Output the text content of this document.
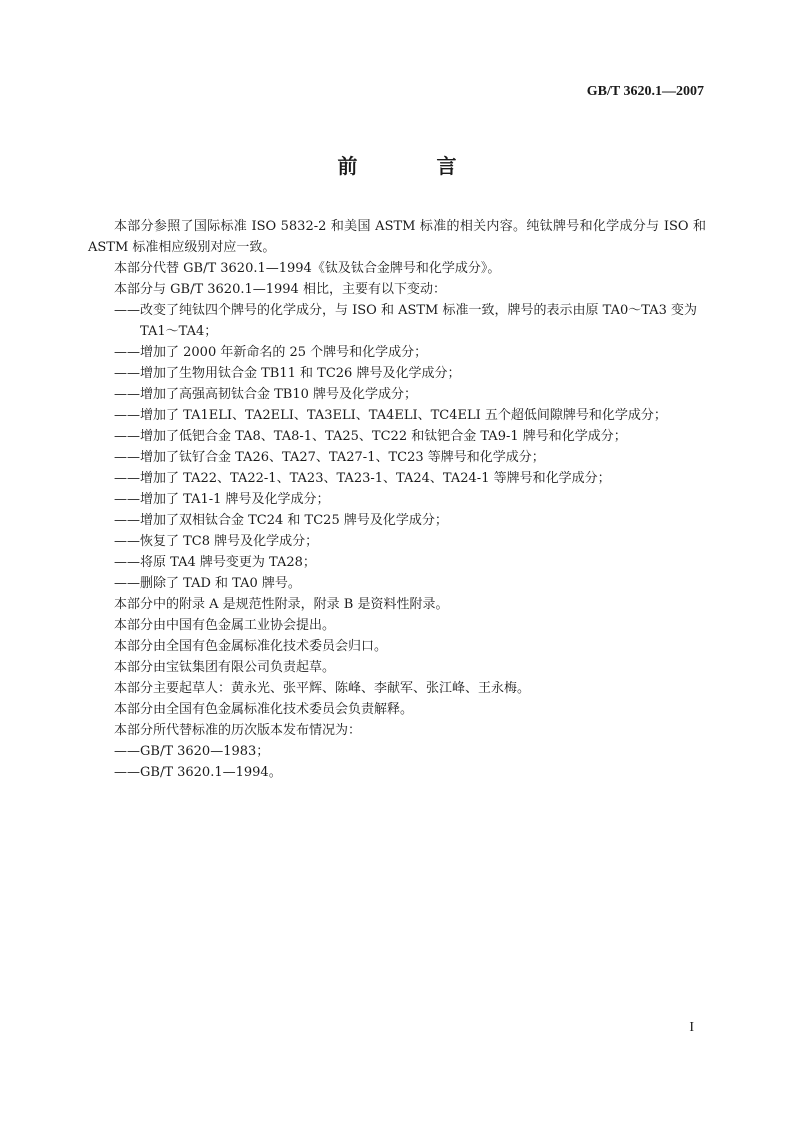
GB/T 3620.1—2007
前 言
本部分参照了国际标准 ISO 5832-2 和美国 ASTM 标准的相关内容。纯钛牌号和化学成分与 ISO 和 ASTM 标准相应级别对应一致。
本部分代替 GB/T 3620.1—1994《钛及钛合金牌号和化学成分》。
本部分与 GB/T 3620.1—1994 相比，主要有以下变动：
——改变了纯钛四个牌号的化学成分，与 ISO 和 ASTM 标准一致，牌号的表示由原 TA0～TA3 变为 TA1～TA4；
——增加了 2000 年新命名的 25 个牌号和化学成分；
——增加了生物用钛合金 TB11 和 TC26 牌号及化学成分；
——增加了高强高韧钛合金 TB10 牌号及化学成分；
——增加了 TA1ELI、TA2ELI、TA3ELI、TA4ELI、TC4ELI 五个超低间隙牌号和化学成分；
——增加了低钯合金 TA8、TA8-1、TA25、TC22 和钛钯合金 TA9-1 牌号和化学成分；
——增加了钛钌合金 TA26、TA27、TA27-1、TC23 等牌号和化学成分；
——增加了 TA22、TA22-1、TA23、TA23-1、TA24、TA24-1 等牌号和化学成分；
——增加了 TA1-1 牌号及化学成分；
——增加了双相钛合金 TC24 和 TC25 牌号及化学成分；
——恢复了 TC8 牌号及化学成分；
——将原 TA4 牌号变更为 TA28；
——删除了 TAD 和 TA0 牌号。
本部分中的附录 A 是规范性附录，附录 B 是资料性附录。
本部分由中国有色金属工业协会提出。
本部分由全国有色金属标准化技术委员会归口。
本部分由宝钛集团有限公司负责起草。
本部分主要起草人：黄永光、张平辉、陈峰、李献军、张江峰、王永梅。
本部分由全国有色金属标准化技术委员会负责解释。
本部分所代替标准的历次版本发布情况为：
——GB/T 3620—1983；
——GB/T 3620.1—1994。
I
